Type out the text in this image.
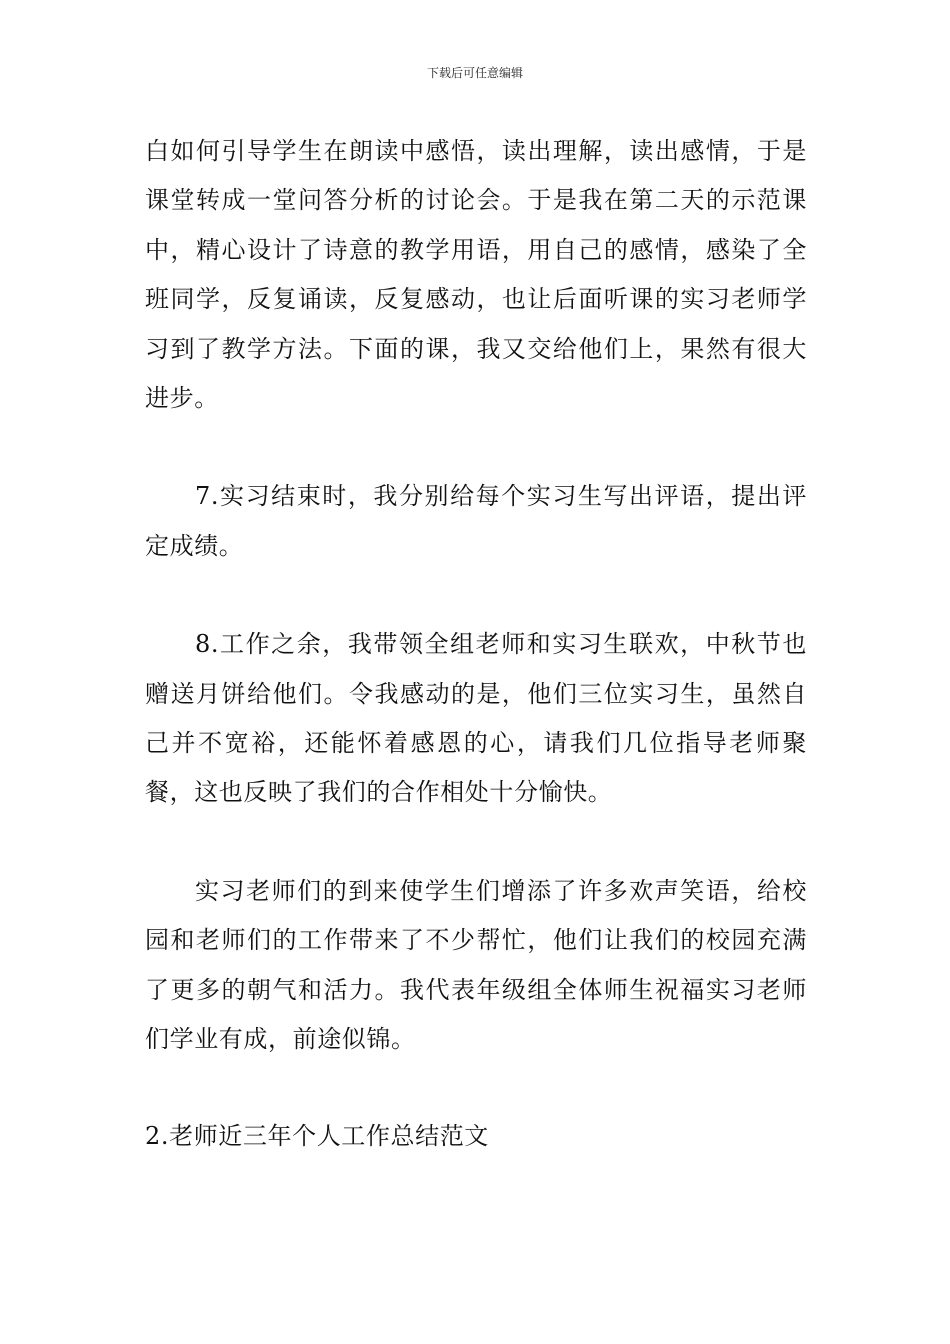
下载后可任意编辑

白如何引导学生在朗读中感悟，读出理解，读出感情，于是课堂转成一堂问答分析的讨论会。于是我在第二天的示范课中，精心设计了诗意的教学用语，用自己的感情，感染了全班同学，反复诵读，反复感动，也让后面听课的实习老师学习到了教学方法。下面的课，我又交给他们上，果然有很大进步。

7.实习结束时，我分别给每个实习生写出评语，提出评定成绩。

8.工作之余，我带领全组老师和实习生联欢，中秋节也赠送月饼给他们。令我感动的是，他们三位实习生，虽然自己并不宽裕，还能怀着感恩的心，请我们几位指导老师聚餐，这也反映了我们的合作相处十分愉快。

实习老师们的到来使学生们增添了许多欢声笑语，给校园和老师们的工作带来了不少帮忙，他们让我们的校园充满了更多的朝气和活力。我代表年级组全体师生祝福实习老师们学业有成，前途似锦。

2.老师近三年个人工作总结范文
